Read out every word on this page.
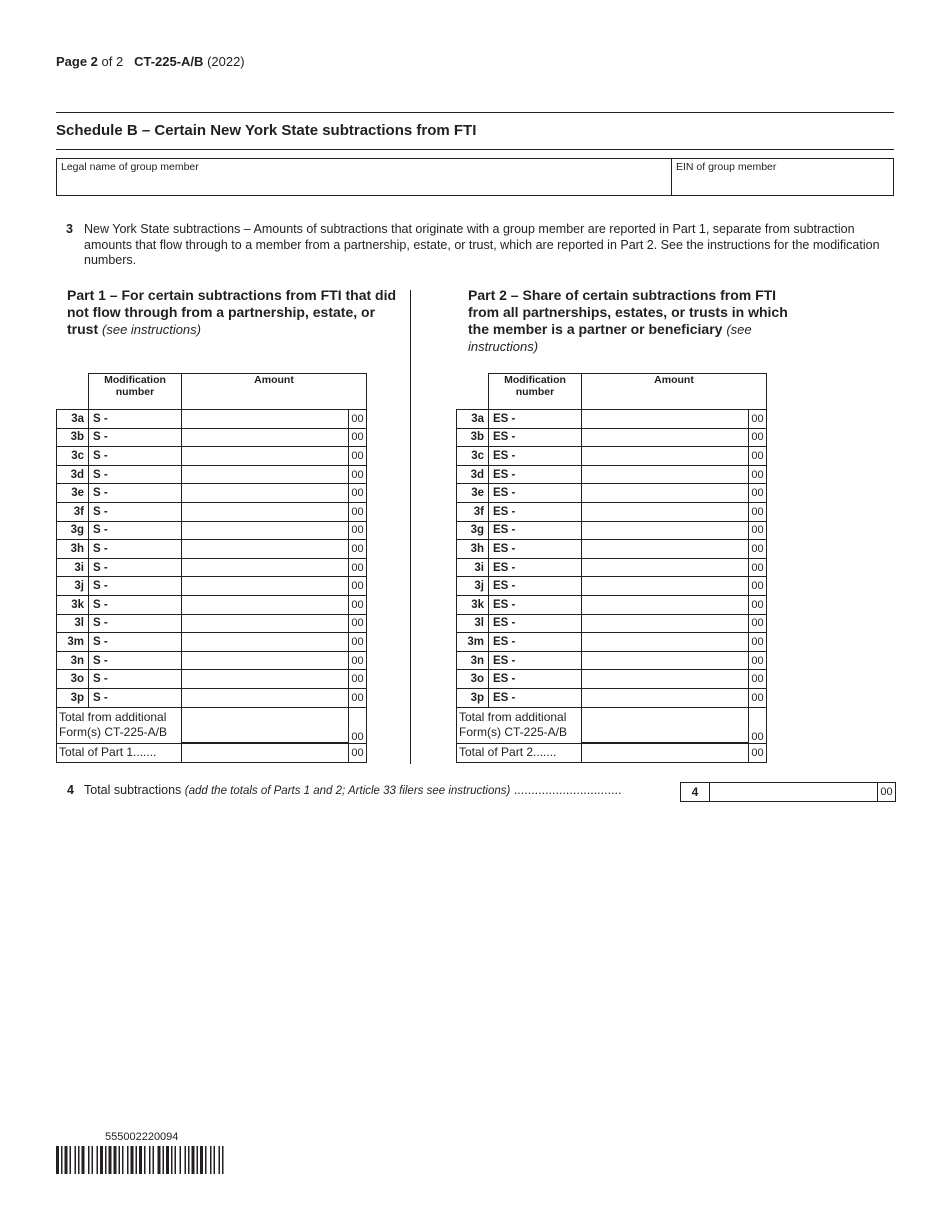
Page 2 of 2 CT-225-A/B (2022)
Schedule B – Certain New York State subtractions from FTI
Legal name of group member	EIN of group member
3 New York State subtractions – Amounts of subtractions that originate with a group member are reported in Part 1, separate from subtraction amounts that flow through to a member from a partnership, estate, or trust, which are reported in Part 2. See the instructions for the modification numbers.
Part 1 – For certain subtractions from FTI that did not flow through from a partnership, estate, or trust (see instructions)
Part 2 – Share of certain subtractions from FTI from all partnerships, estates, or trusts in which the member is a partner or beneficiary (see instructions)
	Modification number	Amount	
3a	S -		00
3b	S -		00
3c	S -		00
3d	S -		00
3e	S -		00
3f	S -		00
3g	S -		00
3h	S -		00
3i	S -		00
3j	S -		00
3k	S -		00
3l	S -		00
3m	S -		00
3n	S -		00
3o	S -		00
3p	S -		00
Total from additional Form(s) CT-225-A/B			00
Total of Part 1.......			00
	Modification number	Amount	
3a	ES -		00
3b	ES -		00
3c	ES -		00
3d	ES -		00
3e	ES -		00
3f	ES -		00
3g	ES -		00
3h	ES -		00
3i	ES -		00
3j	ES -		00
3k	ES -		00
3l	ES -		00
3m	ES -		00
3n	ES -		00
3o	ES -		00
3p	ES -		00
Total from additional Form(s) CT-225-A/B			00
Total of Part 2.......			00
4 Total subtractions (add the totals of Parts 1 and 2; Article 33 filers see instructions) ...............................	4	00
555002220094
